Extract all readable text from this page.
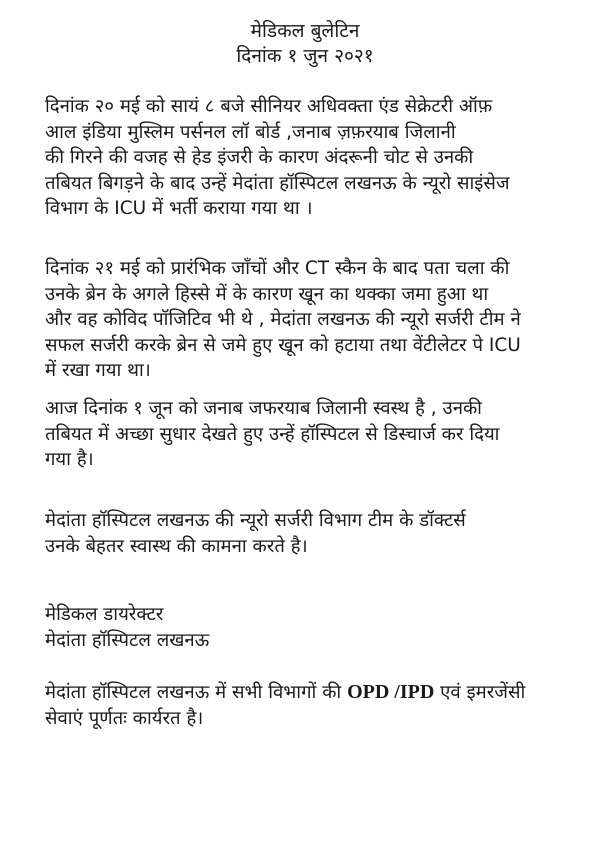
मेडिकल बुलेटिन
दिनांक १ जुन २०२१
दिनांक २० मई को सायं ८ बजे सीनियर अधिवक्ता एंड सेक्रेटरी ऑफ़
आल इंडिया मुस्लिम पर्सनल लॉ बोर्ड ,जनाब ज़फ़रयाब जिलानी
की गिरने की वजह से हेड इंजरी के कारण अंदरूनी चोट से उनकी
तबियत बिगड़ने के बाद उन्हें मेदांता हॉस्पिटल लखनऊ के न्यूरो साइंसेज
विभाग के ICU में भर्ती कराया गया था ।
दिनांक २१ मई को प्रारंभिक जाँचों और CT स्कैन के बाद पता चला की
उनके ब्रेन के अगले हिस्से में के कारण खून का थक्का जमा हुआ था
और वह कोविद पॉजिटिव भी थे , मेदांता लखनऊ की न्यूरो सर्जरी टीम ने
सफल सर्जरी करके ब्रेन से जमे हुए खून को हटाया तथा वेंटीलेटर पे ICU
में रखा गया था।
आज दिनांक १ जून को जनाब जफरयाब जिलानी स्वस्थ है , उनकी
तबियत में अच्छा सुधार देखते हुए उन्हें हॉस्पिटल से डिस्चार्ज कर दिया
गया है।
मेदांता हॉस्पिटल लखनऊ की न्यूरो सर्जरी विभाग टीम के डॉक्टर्स
उनके बेहतर स्वास्थ की कामना करते है।
मेडिकल डायरेक्टर
मेदांता हॉस्पिटल लखनऊ
मेदांता हॉस्पिटल लखनऊ में सभी विभागों की OPD /IPD एवं इमरजेंसी
सेवाएं पूर्णतः कार्यरत है।
